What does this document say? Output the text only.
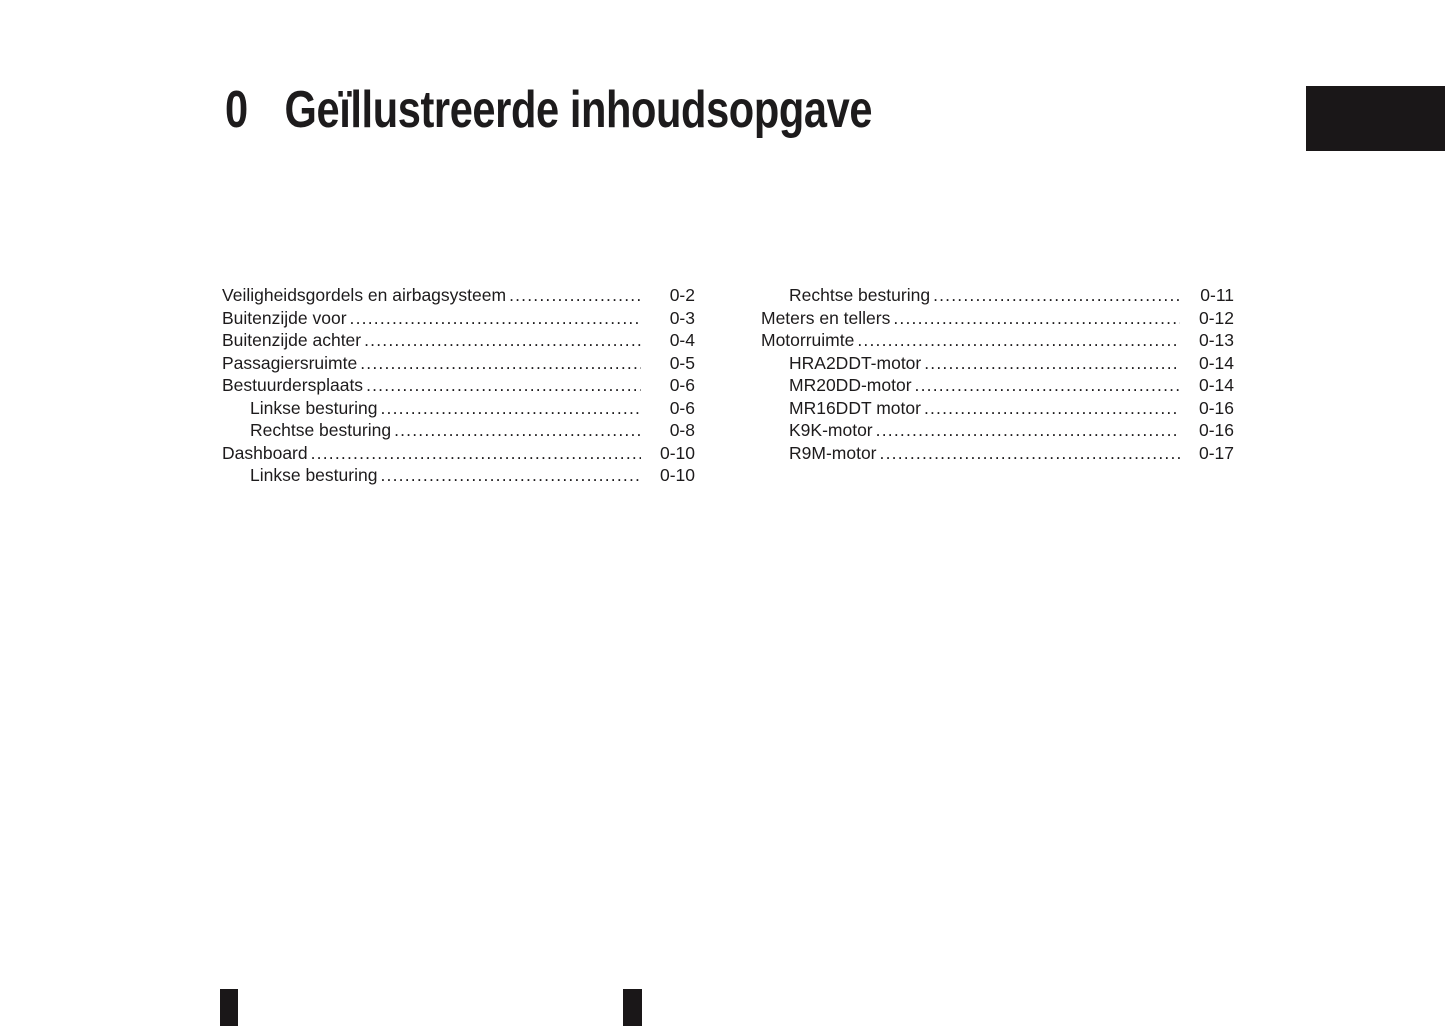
0 Geïllustreerde inhoudsopgave
Veiligheidsgordels en airbagsysteem .....	0-2
Buitenzijde voor .....	0-3
Buitenzijde achter .....	0-4
Passagiersruimte .....	0-5
Bestuurdersplaats .....	0-6
Linkse besturing .....	0-6
Rechtse besturing .....	0-8
Dashboard .....	0-10
Linkse besturing .....	0-10
Rechtse besturing .....	0-11
Meters en tellers .....	0-12
Motorruimte .....	0-13
HRA2DDT-motor .....	0-14
MR20DD-motor .....	0-14
MR16DDT motor .....	0-16
K9K-motor .....	0-16
R9M-motor .....	0-17
